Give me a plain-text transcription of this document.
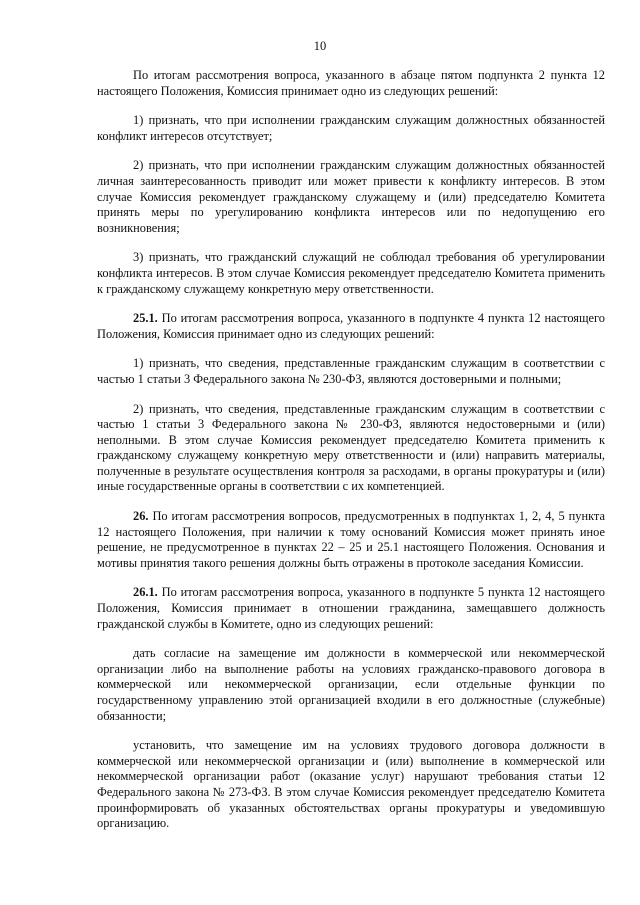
10

По итогам рассмотрения вопроса, указанного в абзаце пятом подпункта 2 пункта 12 настоящего Положения, Комиссия принимает одно из следующих решений:

1) признать, что при исполнении гражданским служащим должностных обязанностей конфликт интересов отсутствует;

2) признать, что при исполнении гражданским служащим должностных обязанностей личная заинтересованность приводит или может привести к конфликту интересов. В этом случае Комиссия рекомендует гражданскому служащему и (или) председателю Комитета принять меры по урегулированию конфликта интересов или по недопущению его возникновения;

3) признать, что гражданский служащий не соблюдал требования об урегулировании конфликта интересов. В этом случае Комиссия рекомендует председателю Комитета применить к гражданскому служащему конкретную меру ответственности.

25.1. По итогам рассмотрения вопроса, указанного в подпункте 4 пункта 12 настоящего Положения, Комиссия принимает одно из следующих решений:

1) признать, что сведения, представленные гражданским служащим в соответствии с частью 1 статьи 3 Федерального закона № 230-ФЗ, являются достоверными и полными;

2) признать, что сведения, представленные гражданским служащим в соответствии с частью 1 статьи 3 Федерального закона № 230-ФЗ, являются недостоверными и (или) неполными. В этом случае Комиссия рекомендует председателю Комитета применить к гражданскому служащему конкретную меру ответственности и (или) направить материалы, полученные в результате осуществления контроля за расходами, в органы прокуратуры и (или) иные государственные органы в соответствии с их компетенцией.

26. По итогам рассмотрения вопросов, предусмотренных в подпунктах 1, 2, 4, 5 пункта 12 настоящего Положения, при наличии к тому оснований Комиссия может принять иное решение, не предусмотренное в пунктах 22 – 25 и 25.1 настоящего Положения. Основания и мотивы принятия такого решения должны быть отражены в протоколе заседания Комиссии.

26.1. По итогам рассмотрения вопроса, указанного в подпункте 5 пункта 12 настоящего Положения, Комиссия принимает в отношении гражданина, замещавшего должность гражданской службы в Комитете, одно из следующих решений:

дать согласие на замещение им должности в коммерческой или некоммерческой организации либо на выполнение работы на условиях гражданско-правового договора в коммерческой или некоммерческой организации, если отдельные функции по государственному управлению этой организацией входили в его должностные (служебные) обязанности;

установить, что замещение им на условиях трудового договора должности в коммерческой или некоммерческой организации и (или) выполнение в коммерческой или некоммерческой организации работ (оказание услуг) нарушают требования статьи 12 Федерального закона № 273-ФЗ. В этом случае Комиссия рекомендует председателю Комитета проинформировать об указанных обстоятельствах органы прокуратуры и уведомившую организацию.
